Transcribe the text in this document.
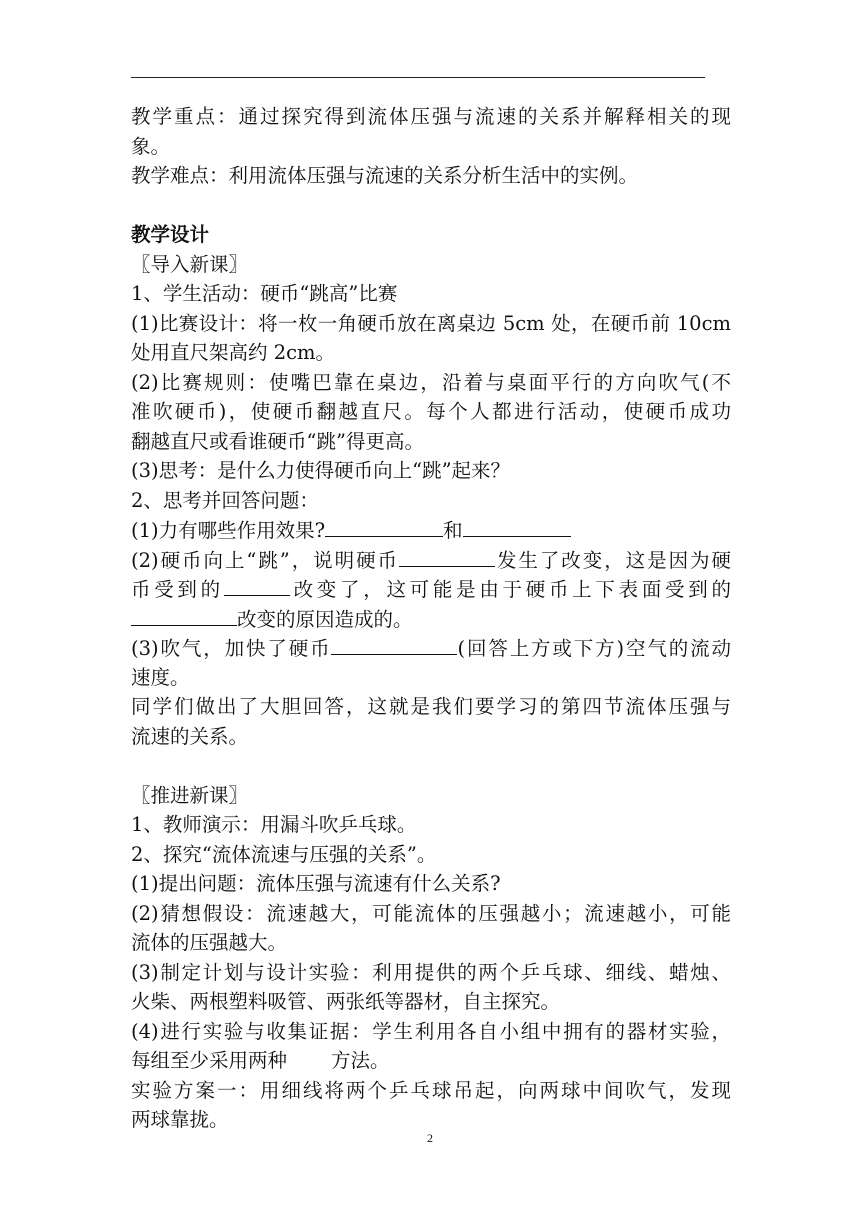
教学重点：通过探究得到流体压强与流速的关系并解释相关的现
象。
教学难点：利用流体压强与流速的关系分析生活中的实例。
教学设计
〖导入新课〗
1、学生活动：硬币“跳高”比赛
(1)比赛设计：将一枚一角硬币放在离桌边 5cm 处，在硬币前 10cm
处用直尺架高约 2cm。
(2)比赛规则：使嘴巴靠在桌边，沿着与桌面平行的方向吹气(不
准吹硬币)，使硬币翻越直尺。每个人都进行活动，使硬币成功
翻越直尺或看谁硬币“跳”得更高。
(3)思考：是什么力使得硬币向上“跳”起来？
2、思考并回答问题：
(1)力有哪些作用效果?	和
(2)硬币向上“跳”，说明硬币	发生了改变，这是因为硬
币受到的	改变了，这可能是由于硬币上下表面受到的
改变的原因造成的。
(3)吹气，加快了硬币	(回答上方或下方)空气的流动
速度。
同学们做出了大胆回答，这就是我们要学习的第四节流体压强与
流速的关系。
〖推进新课〗
1、教师演示：用漏斗吹乒乓球。
2、探究“流体流速与压强的关系”。
(1)提出问题：流体压强与流速有什么关系?
(2)猜想假设：流速越大，可能流体的压强越小；流速越小，可能
流体的压强越大。
(3)制定计划与设计实验：利用提供的两个乒乓球、细线、蜡烛、
火柴、两根塑料吸管、两张纸等器材，自主探究。
(4)进行实验与收集证据：学生利用各自小组中拥有的器材实验，
每组至少采用两种 方法。
实验方案一：用细线将两个乒乓球吊起，向两球中间吹气，发现
两球靠拢。
2
